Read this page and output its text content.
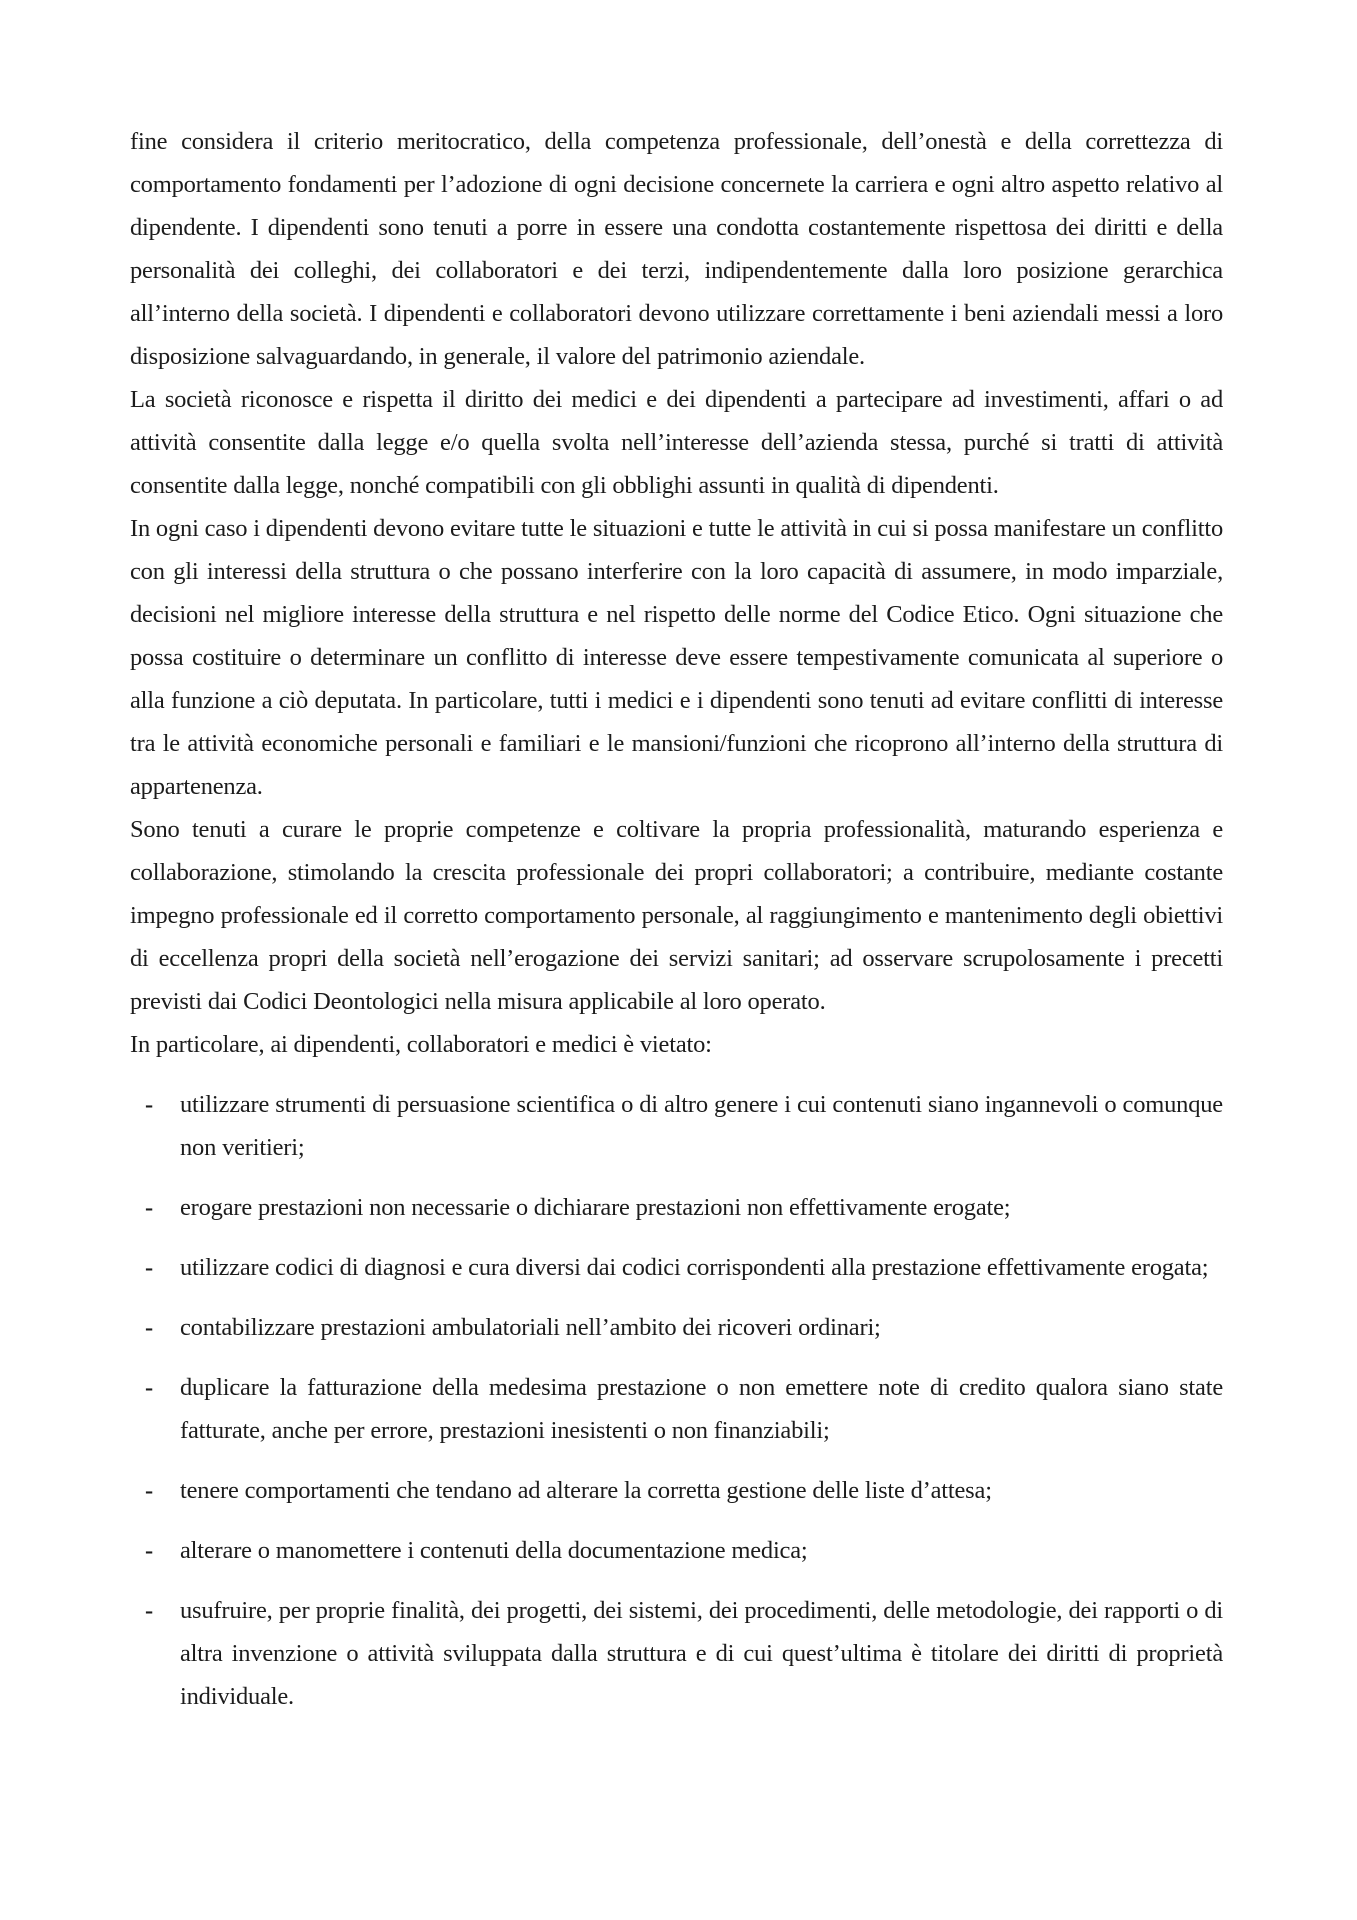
fine considera il criterio meritocratico, della competenza professionale, dell’onestà e della correttezza di comportamento fondamenti per l’adozione di ogni decisione concernete la carriera e ogni altro aspetto relativo al dipendente. I dipendenti sono tenuti a porre in essere una condotta costantemente rispettosa dei diritti e della personalità dei colleghi, dei collaboratori e dei terzi, indipendentemente dalla loro posizione gerarchica all’interno della società. I dipendenti e collaboratori devono utilizzare correttamente i beni aziendali messi a loro disposizione salvaguardando, in generale, il valore del patrimonio aziendale.

La società riconosce e rispetta il diritto dei medici e dei dipendenti a partecipare ad investimenti, affari o ad attività consentite dalla legge e/o quella svolta nell’interesse dell’azienda stessa, purché si tratti di attività consentite dalla legge, nonché compatibili con gli obblighi assunti in qualità di dipendenti.

In ogni caso i dipendenti devono evitare tutte le situazioni e tutte le attività in cui si possa manifestare un conflitto con gli interessi della struttura o che possano interferire con la loro capacità di assumere, in modo imparziale, decisioni nel migliore interesse della struttura e nel rispetto delle norme del Codice Etico. Ogni situazione che possa costituire o determinare un conflitto di interesse deve essere tempestivamente comunicata al superiore o alla funzione a ciò deputata. In particolare, tutti i medici e i dipendenti sono tenuti ad evitare conflitti di interesse tra le attività economiche personali e familiari e le mansioni/funzioni che ricoprono all’interno della struttura di appartenenza.

Sono tenuti a curare le proprie competenze e coltivare la propria professionalità, maturando esperienza e collaborazione, stimolando la crescita professionale dei propri collaboratori; a contribuire, mediante costante impegno professionale ed il corretto comportamento personale, al raggiungimento e mantenimento degli obiettivi di eccellenza propri della società nell’erogazione dei servizi sanitari; ad osservare scrupolosamente i precetti previsti dai Codici Deontologici nella misura applicabile al loro operato.

In particolare, ai dipendenti, collaboratori e medici è vietato:

- utilizzare strumenti di persuasione scientifica o di altro genere i cui contenuti siano ingannevoli o comunque non veritieri;
- erogare prestazioni non necessarie o dichiarare prestazioni non effettivamente erogate;
- utilizzare codici di diagnosi e cura diversi dai codici corrispondenti alla prestazione effettivamente erogata;
- contabilizzare prestazioni ambulatoriali nell’ambito dei ricoveri ordinari;
- duplicare la fatturazione della medesima prestazione o non emettere note di credito qualora siano state fatturate, anche per errore, prestazioni inesistenti o non finanziabili;
- tenere comportamenti che tendano ad alterare la corretta gestione delle liste d’attesa;
- alterare o manomettere i contenuti della documentazione medica;
- usufruire, per proprie finalità, dei progetti, dei sistemi, dei procedimenti, delle metodologie, dei rapporti o di altra invenzione o attività sviluppata dalla struttura e di cui quest’ultima è titolare dei diritti di proprietà individuale.
